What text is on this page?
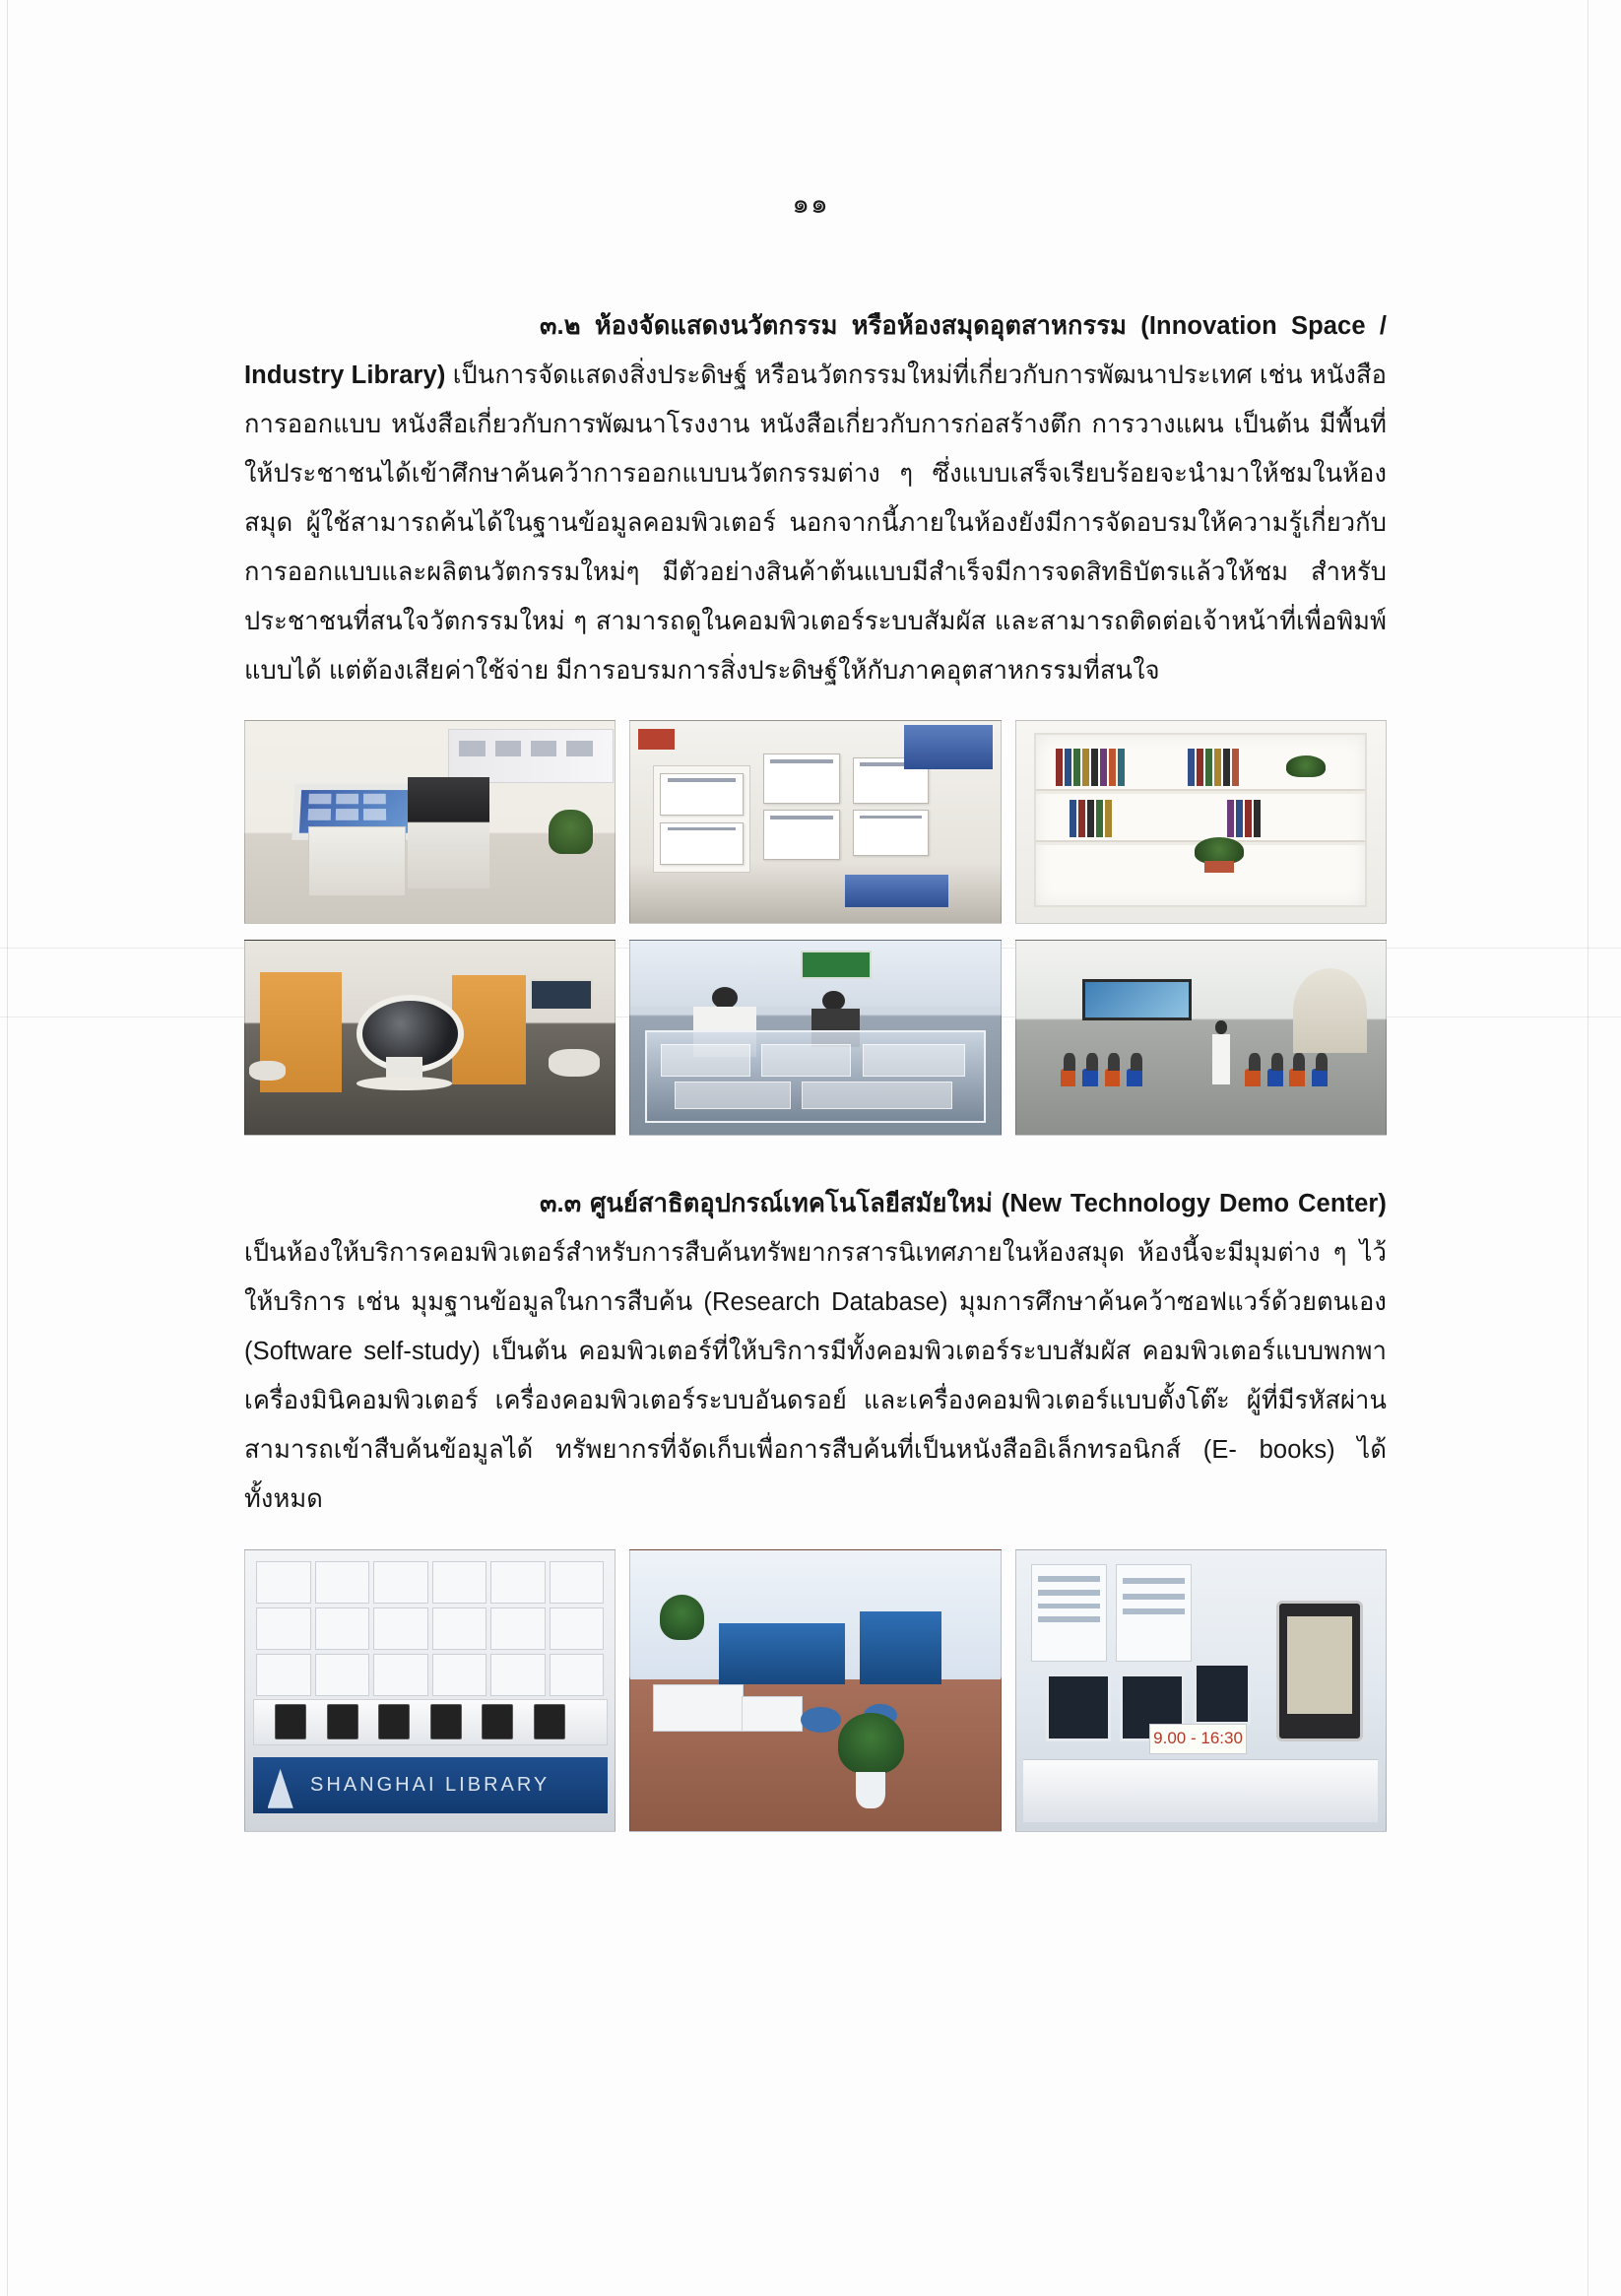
๑๑

๓.๒ ห้องจัดแสดงนวัตกรรม หรือห้องสมุดอุตสาหกรรม (Innovation Space / Industry Library) เป็นการจัดแสดงสิ่งประดิษฐ์ หรือนวัตกรรมใหม่ที่เกี่ยวกับการพัฒนาประเทศ เช่น หนังสือการออกแบบ หนังสือเกี่ยวกับการพัฒนาโรงงาน หนังสือเกี่ยวกับการก่อสร้างตึก การวางแผน เป็นต้น มีพื้นที่ให้ประชาชนได้เข้าศึกษาค้นคว้าการออกแบบนวัตกรรมต่าง ๆ ซึ่งแบบเสร็จเรียบร้อยจะนำมาให้ชมในห้องสมุด ผู้ใช้สามารถค้นได้ในฐานข้อมูลคอมพิวเตอร์ นอกจากนี้ภายในห้องยังมีการจัดอบรมให้ความรู้เกี่ยวกับการออกแบบและผลิตนวัตกรรมใหม่ๆ มีตัวอย่างสินค้าต้นแบบมีสำเร็จมีการจดสิทธิบัตรแล้วให้ชม สำหรับประชาชนที่สนใจวัตกรรมใหม่ ๆ สามารถดูในคอมพิวเตอร์ระบบสัมผัส และสามารถติดต่อเจ้าหน้าที่เพื่อพิมพ์แบบได้ แต่ต้องเสียค่าใช้จ่าย มีการอบรมการสิ่งประดิษฐ์ให้กับภาคอุตสาหกรรมที่สนใจ

๓.๓ ศูนย์สาธิตอุปกรณ์เทคโนโลยีสมัยใหม่ (New Technology Demo Center) เป็นห้องให้บริการคอมพิวเตอร์สำหรับการสืบค้นทรัพยากรสารนิเทศภายในห้องสมุด ห้องนี้จะมีมุมต่าง ๆ ไว้ให้บริการ เช่น มุมฐานข้อมูลในการสืบค้น (Research Database) มุมการศึกษาค้นคว้าซอฟแวร์ด้วยตนเอง (Software self-study) เป็นต้น คอมพิวเตอร์ที่ให้บริการมีทั้งคอมพิวเตอร์ระบบสัมผัส คอมพิวเตอร์แบบพกพา เครื่องมินิคอมพิวเตอร์ เครื่องคอมพิวเตอร์ระบบอันดรอย์ และเครื่องคอมพิวเตอร์แบบตั้งโต๊ะ ผู้ที่มีรหัสผ่านสามารถเข้าสืบค้นข้อมูลได้ ทรัพยากรที่จัดเก็บเพื่อการสืบค้นที่เป็นหนังสืออิเล็กทรอนิกส์ (E- books) ได้ทั้งหมด

SHANGHAI LIBRARY
9.00 - 16:30
